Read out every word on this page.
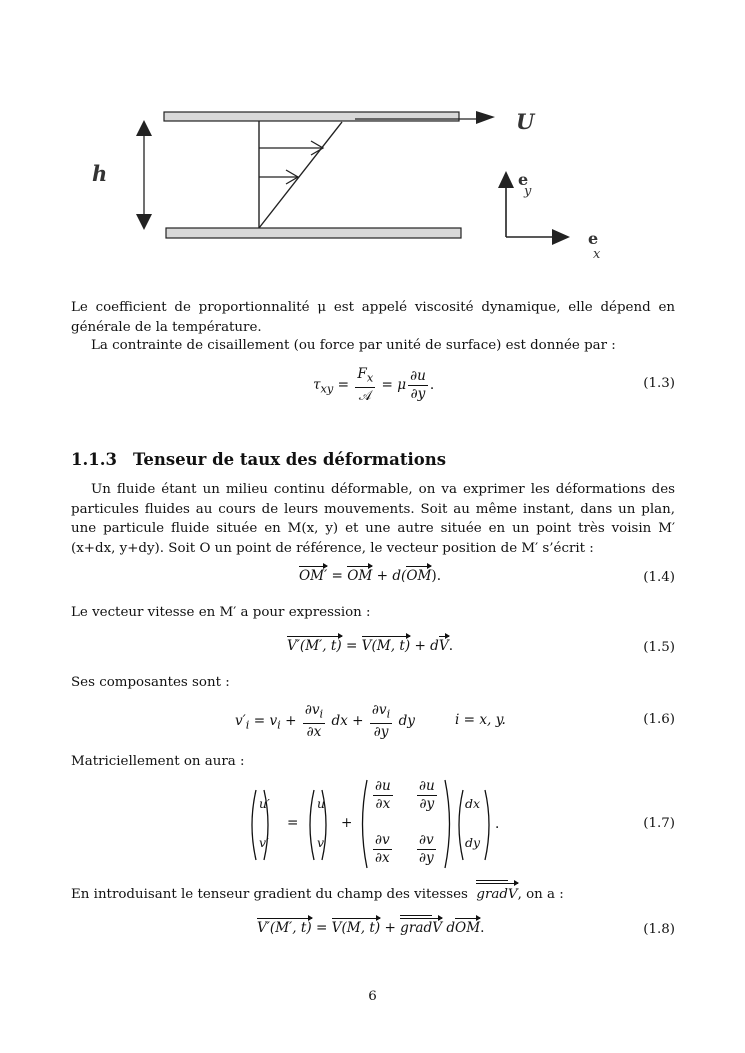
h
U
e
y
e
x

Le coefficient de proportionnalité μ est appelé viscosité dynamique, elle dépend en générale de la température.

La contrainte de cisaillement (ou force par unité de surface) est donnée par :

$\tau_{xy} = \frac{F_x}{\text{𝒜}} = \mu \frac{\partial u}{\partial y}$ .	(1.3)
1.1.3 Tenseur de taux des déformations

Un fluide étant un milieu continu déformable, on va exprimer les déformations des particules fluides au cours de leurs mouvements. Soit au même instant, dans un plan, une particule fluide située en M(x, y) et une autre située en un point très voisin M′(x+dx, y+dy). Soit O un point de référence, le vecteur position de M′ s’écrit :

OM′ = OM + d(OM).	(1.4)

Le vecteur vitesse en M′ a pour expression :

V′(M′, t) = V(M, t) + dV.	(1.5)

Ses composantes sont :

$v'_i = v_i + \frac{\partial v_i}{\partial x}$ dx + $\frac{\partial v_i}{\partial y}$ dy	i = x, y.	(1.6)

Matriciellement on aura :

u′
v′
=
u
v
+
$\frac{\partial u}{\partial x} \frac{\partial u}{\partial y}$
$\frac{\partial v}{\partial x} \frac{\partial v}{\partial y}$
dx
dy
.	(1.7)
En introduisant le tenseur gradient du champ des vitesses gradV, on a :
V′(M′, t) = V(M, t) + gradV dOM.	(1.8)
6
